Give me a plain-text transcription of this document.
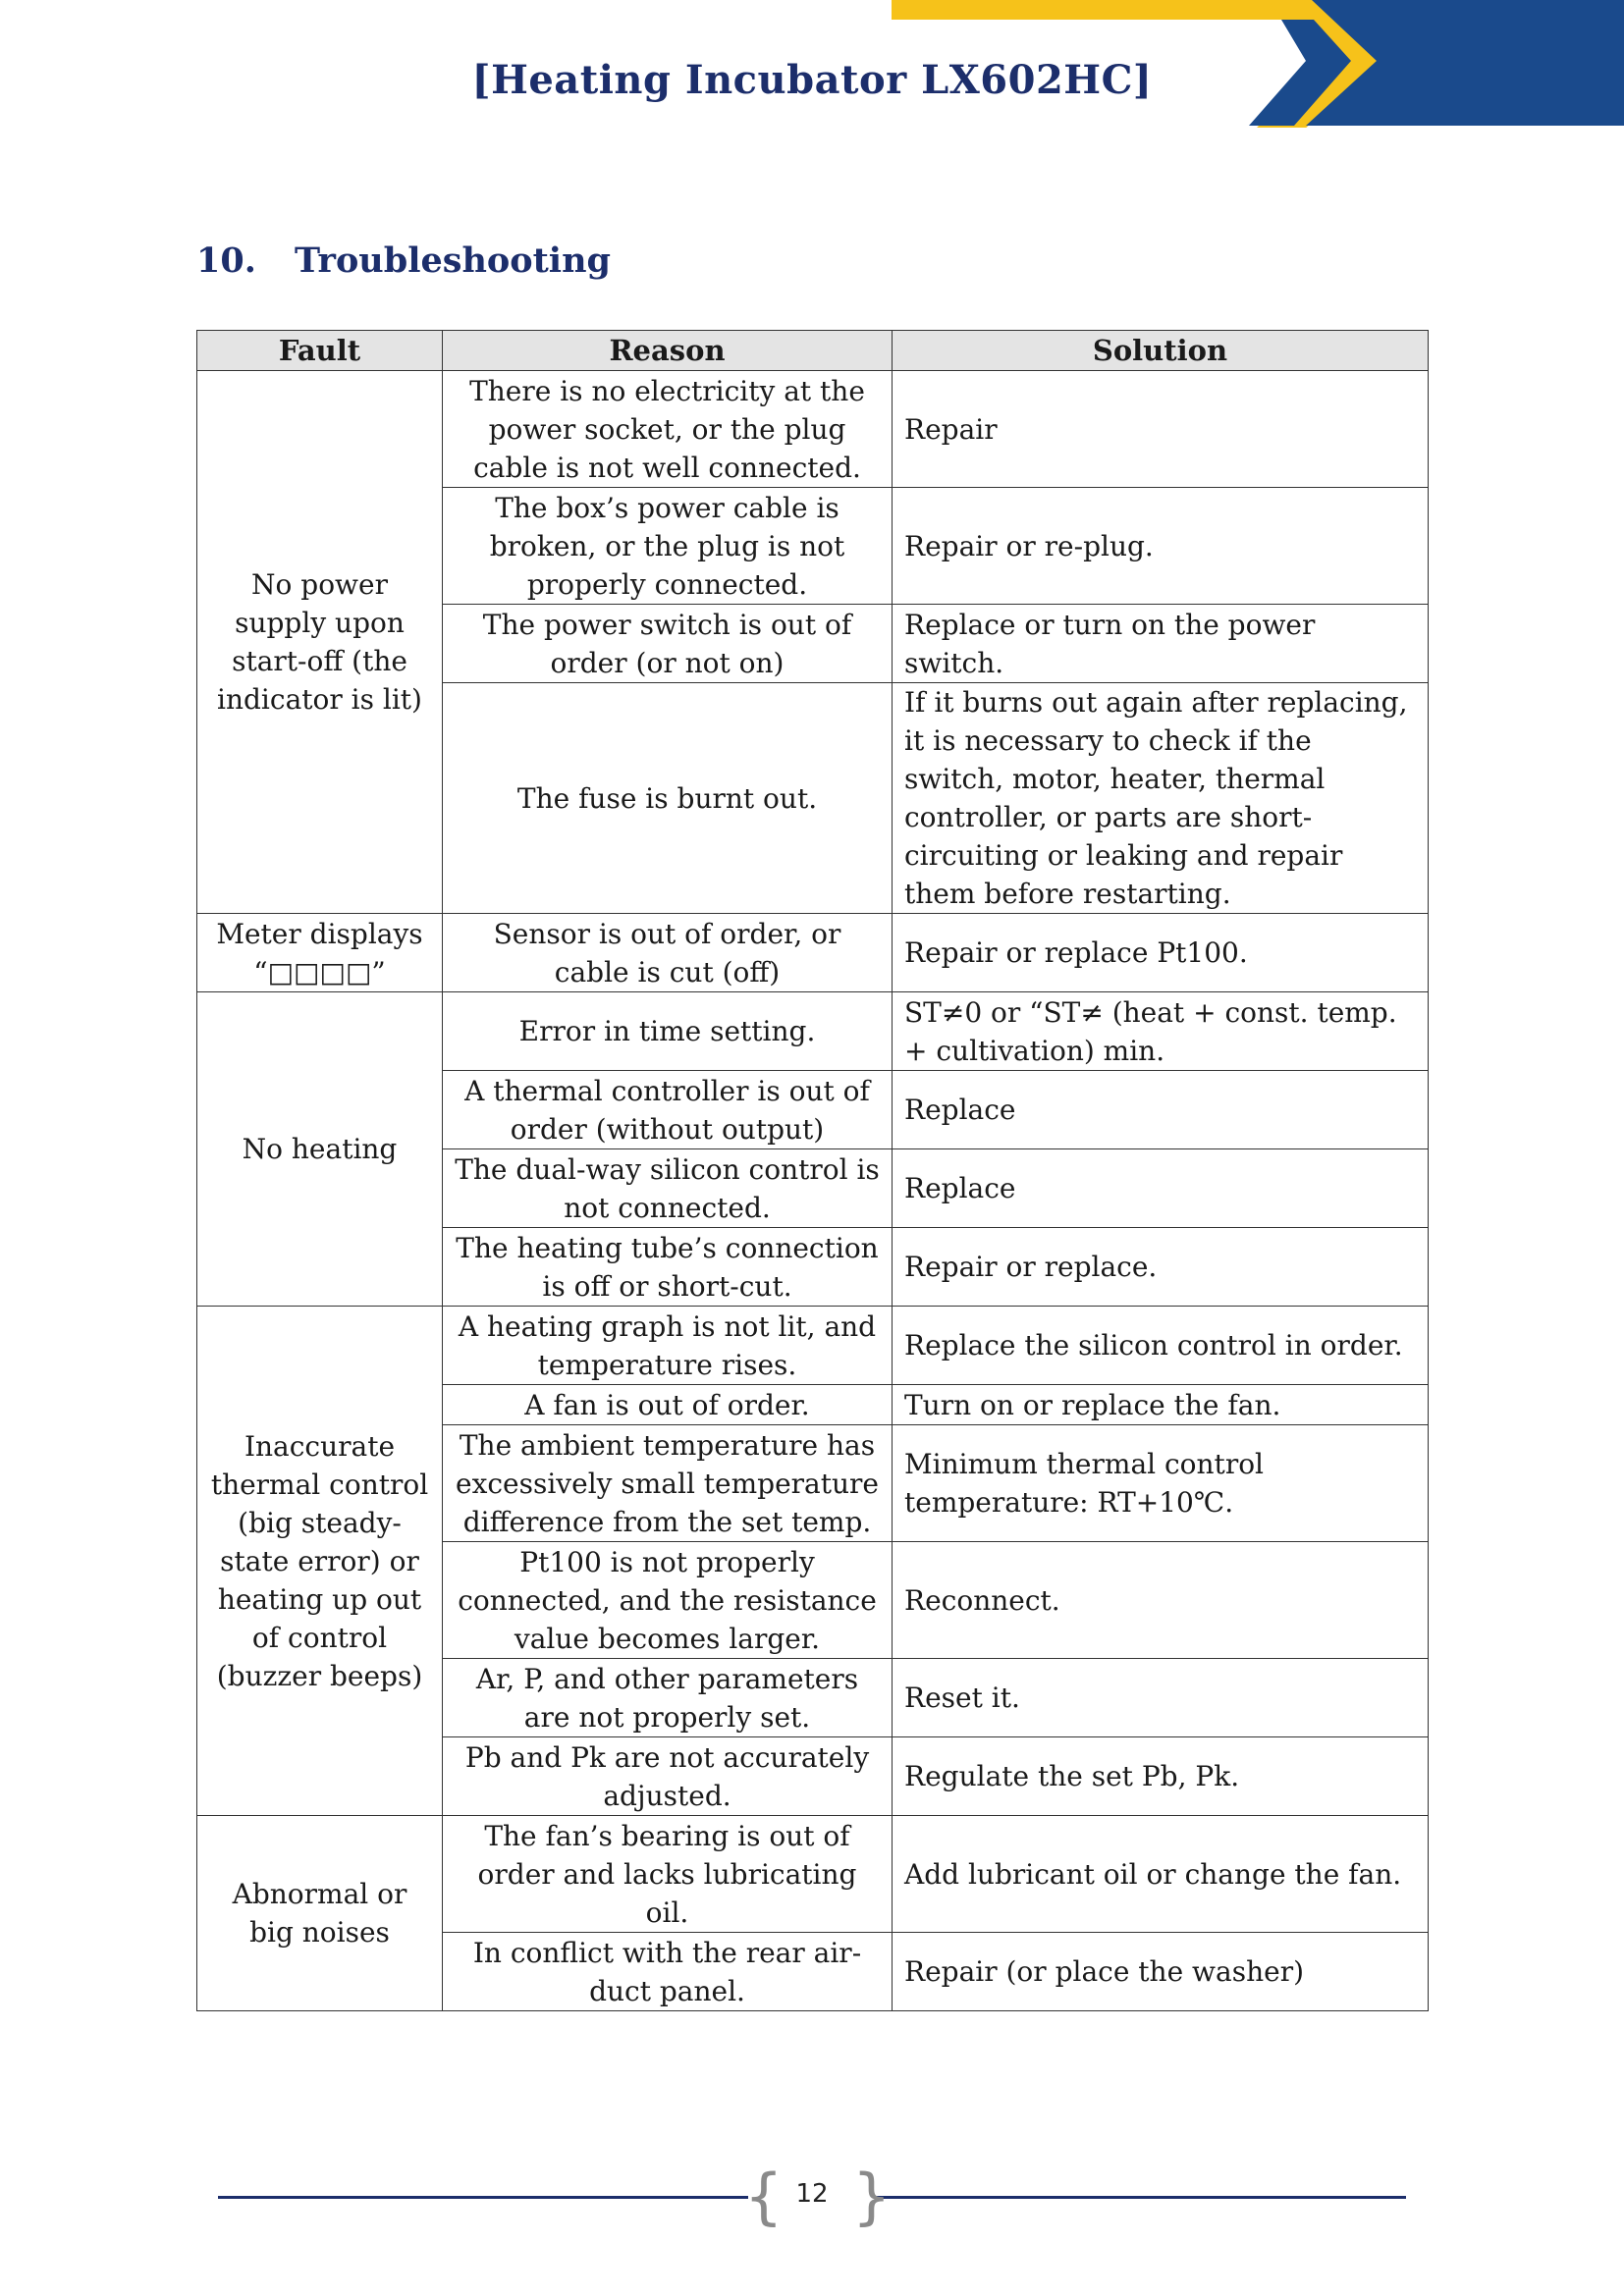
[Heating Incubator LX602HC]
10. Troubleshooting
Fault	Reason	Solution
No power supply upon start-off (the indicator is lit)	There is no electricity at the power socket, or the plug cable is not well connected.	Repair
	The box’s power cable is broken, or the plug is not properly connected.	Repair or re-plug.
	The power switch is out of order (or not on)	Replace or turn on the power switch.
	The fuse is burnt out.	If it burns out again after replacing, it is necessary to check if the switch, motor, heater, thermal controller, or parts are short-circuiting or leaking and repair them before restarting.
Meter displays “□□□□”	Sensor is out of order, or cable is cut (off)	Repair or replace Pt100.
No heating	Error in time setting.	ST≠0 or “ST≠ (heat + const. temp. + cultivation) min.
	A thermal controller is out of order (without output)	Replace
	The dual-way silicon control is not connected.	Replace
	The heating tube’s connection is off or short-cut.	Repair or replace.
Inaccurate thermal control (big steady-state error) or heating up out of control (buzzer beeps)	A heating graph is not lit, and temperature rises.	Replace the silicon control in order.
	A fan is out of order.	Turn on or replace the fan.
	The ambient temperature has excessively small temperature difference from the set temp.	Minimum thermal control temperature: RT+10℃.
	Pt100 is not properly connected, and the resistance value becomes larger.	Reconnect.
	Ar, P, and other parameters are not properly set.	Reset it.
	Pb and Pk are not accurately adjusted.	Regulate the set Pb, Pk.
Abnormal or big noises	The fan’s bearing is out of order and lacks lubricating oil.	Add lubricant oil or change the fan.
	In conflict with the rear air-duct panel.	Repair (or place the washer)
{ }
12
